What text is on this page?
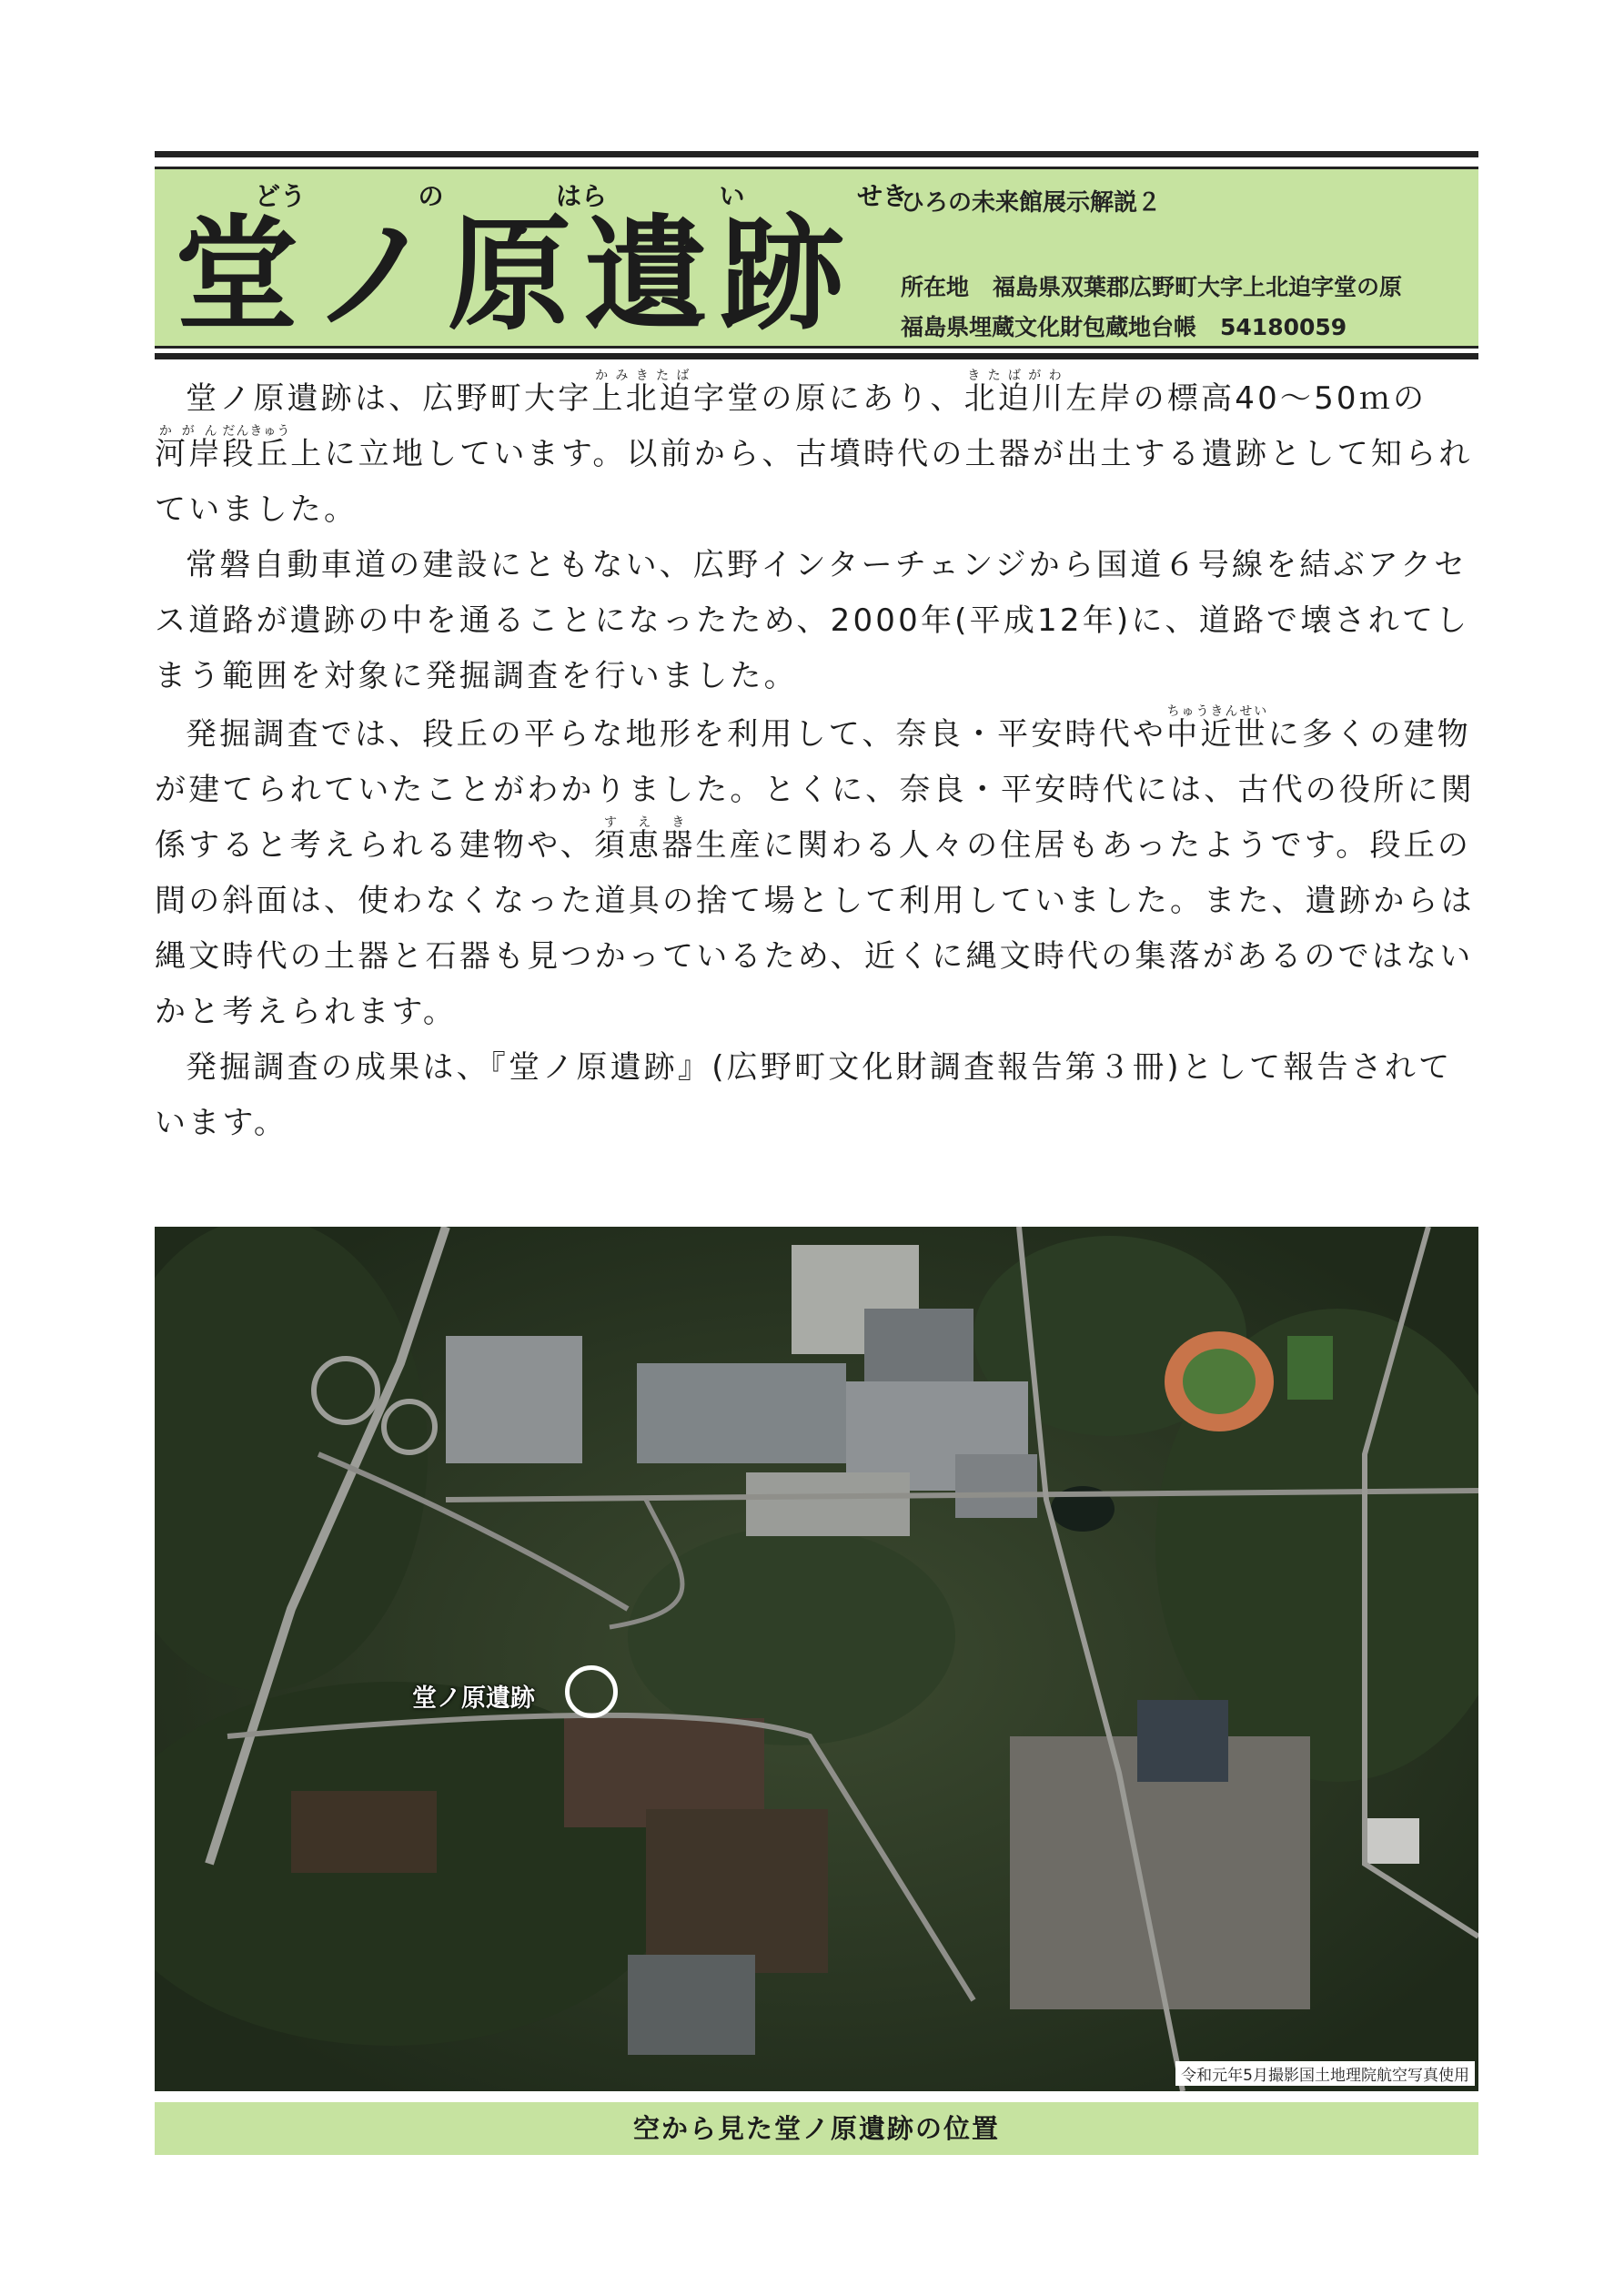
どう	の	はら	い	せき
堂ノ原遺跡
ひろの未来館展示解説２
所在地 福島県双葉郡広野町大字上北迫字堂の原
福島県埋蔵文化財包蔵地台帳 54180059

堂ノ原遺跡は、広野町大字上北迫かみきたば字堂の原にあり、北迫川きたばがわ左岸の標高40～50ｍの河岸かがん段丘だんきゅう上に立地しています。以前から、古墳時代の土器が出土する遺跡として知られていました。

常磐自動車道の建設にともない、広野インターチェンジから国道６号線を結ぶアクセス道路が遺跡の中を通ることになったため、2000年(平成12年)に、道路で壊されてしまう範囲を対象に発掘調査を行いました。

発掘調査では、段丘の平らな地形を利用して、奈良・平安時代や中近世ちゅうきんせいに多くの建物が建てられていたことがわかりました。とくに、奈良・平安時代には、古代の役所に関係すると考えられる建物や、須恵器すえき生産に関わる人々の住居もあったようです。段丘の間の斜面は、使わなくなった道具の捨て場として利用していました。また、遺跡からは縄文時代の土器と石器も見つかっているため、近くに縄文時代の集落があるのではないかと考えられます。

発掘調査の成果は、『堂ノ原遺跡』(広野町文化財調査報告第３冊)として報告されています。

堂ノ原遺跡
令和元年5月撮影国土地理院航空写真使用
空から見た堂ノ原遺跡の位置
